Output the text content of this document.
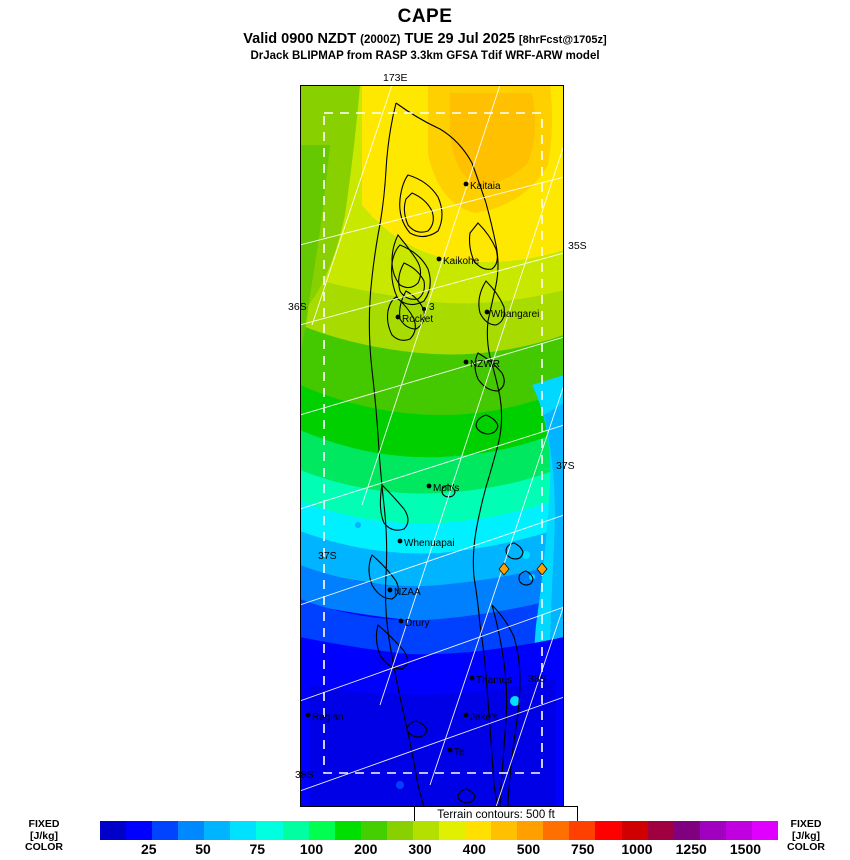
CAPE
Valid 0900 NZDT (2000Z) TUE 29 Jul 2025 [8hrFcst@1705z]
DrJack BLIPMAP from RASP 3.3km GFSA Tdif WRF-ARW model
Kaitaia
Kaikohe
Rocket	Whangarei
NZWR
Moir's
Whenuapai
NZAA
Drury
Thames
Raglan	Jake's
Te
3
173E
35S
36S
37S
37S
38S
38S
Terrain contours: 500 ft
FIXED
[J/kg]
COLOR
FIXED
[J/kg]
COLOR
25	50	75 100 200 300 400 500 750 1000 1250 1500
